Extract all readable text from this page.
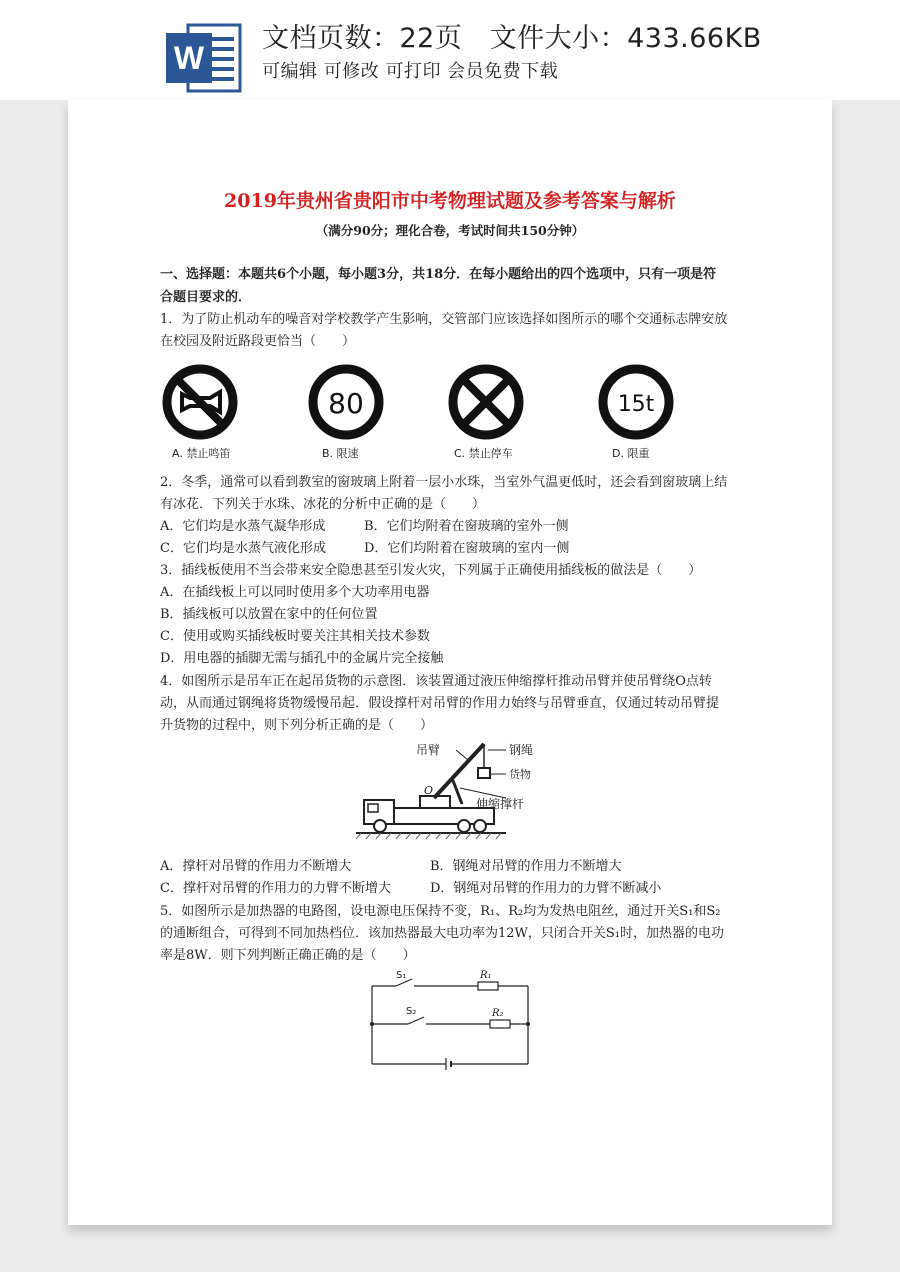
W
文档页数：22页   文件大小：433.66KB
可编辑 可修改 可打印 会员免费下载
2019年贵州省贵阳市中考物理试题及参考答案与解析
（满分90分；理化合卷，考试时间共150分钟）
一、选择题：本题共6个小题，每小题3分，共18分．在每小题给出的四个选项中，只有一项是符
合题目要求的．
1．为了防止机动车的噪音对学校教学产生影响，交管部门应该选择如图所示的哪个交通标志牌安放
在校园及附近路段更恰当（　　）
A. 禁止鸣笛
80
B. 限速	C. 禁止停车
15t
D. 限重
2．冬季，通常可以看到教室的窗玻璃上附着一层小水珠，当室外气温更低时，还会看到窗玻璃上结
有冰花．下列关于水珠、冰花的分析中正确的是（　　）
A．它们均是水蒸气凝华形成	B．它们均附着在窗玻璃的室外一侧
C．它们均是水蒸气液化形成	D．它们均附着在窗玻璃的室内一侧
3．插线板使用不当会带来安全隐患甚至引发火灾，下列属于正确使用插线板的做法是（　　）
A．在插线板上可以同时使用多个大功率用电器
B．插线板可以放置在家中的任何位置
C．使用或购买插线板时要关注其相关技术参数
D．用电器的插脚无需与插孔中的金属片完全接触
4．如图所示是吊车正在起吊货物的示意图．该装置通过液压伸缩撑杆推动吊臂并使吊臂绕O点转
动，从而通过钢绳将货物缓慢吊起．假设撑杆对吊臂的作用力始终与吊臂垂直，仅通过转动吊臂提
升货物的过程中，则下列分析正确的是（　　）
吊臂	钢绳
货物
伸缩撑杆
O
A．撑杆对吊臂的作用力不断增大	B．钢绳对吊臂的作用力不断增大
C．撑杆对吊臂的作用力的力臂不断增大	D．钢绳对吊臂的作用力的力臂不断减小
5．如图所示是加热器的电路图，设电源电压保持不变，R₁、R₂均为发热电阻丝，通过开关S₁和S₂
的通断组合，可得到不同加热档位．该加热器最大电功率为12W，只闭合开关S₁时，加热器的电功
率是8W．则下列判断正确正确的是（　　）
S₁	R₁
S₂	R₂
